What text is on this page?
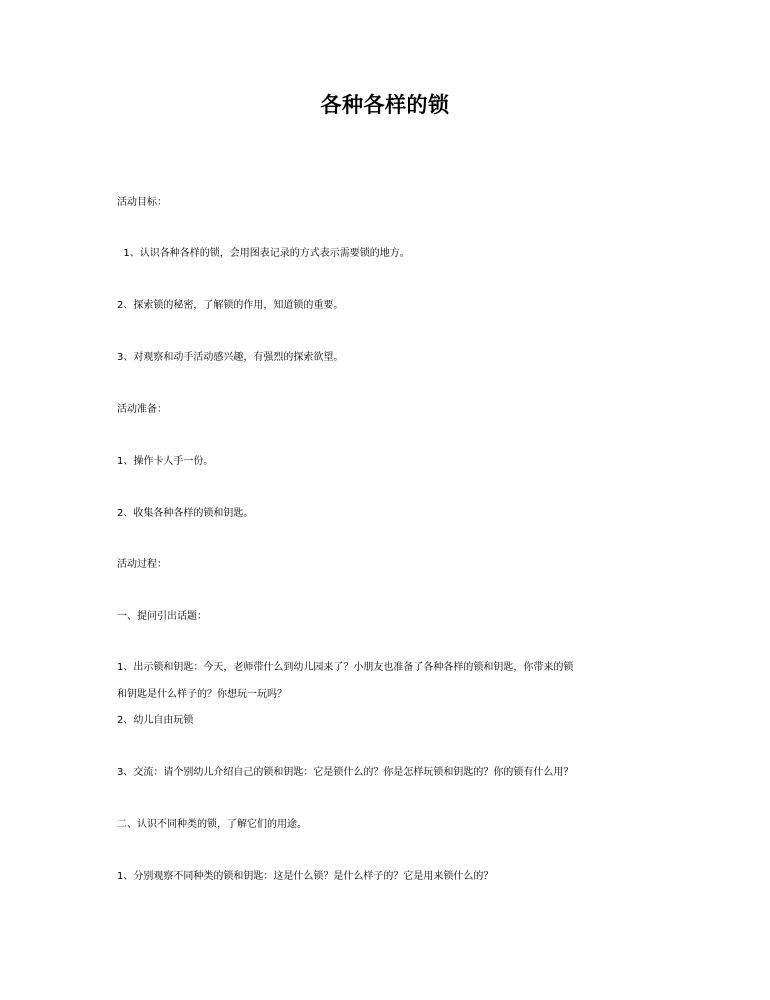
各种各样的锁
活动目标：
1、认识各种各样的锁，会用图表记录的方式表示需要锁的地方。
2、探索锁的秘密，了解锁的作用，知道锁的重要。
3、对观察和动手活动感兴趣，有强烈的探索欲望。
活动准备：
1、操作卡人手一份。
2、收集各种各样的锁和钥匙。
活动过程：
一、提问引出话题：
1、出示锁和钥匙：今天，老师带什么到幼儿园来了？小朋友也准备了各种各样的锁和钥匙，你带来的锁
和钥匙是什么样子的？你想玩一玩吗？
2、幼儿自由玩锁
3、交流：请个别幼儿介绍自己的锁和钥匙：它是锁什么的？你是怎样玩锁和钥匙的？你的锁有什么用？
二、认识不同种类的锁，了解它们的用途。
1、分别观察不同种类的锁和钥匙：这是什么锁？是什么样子的？它是用来锁什么的？
